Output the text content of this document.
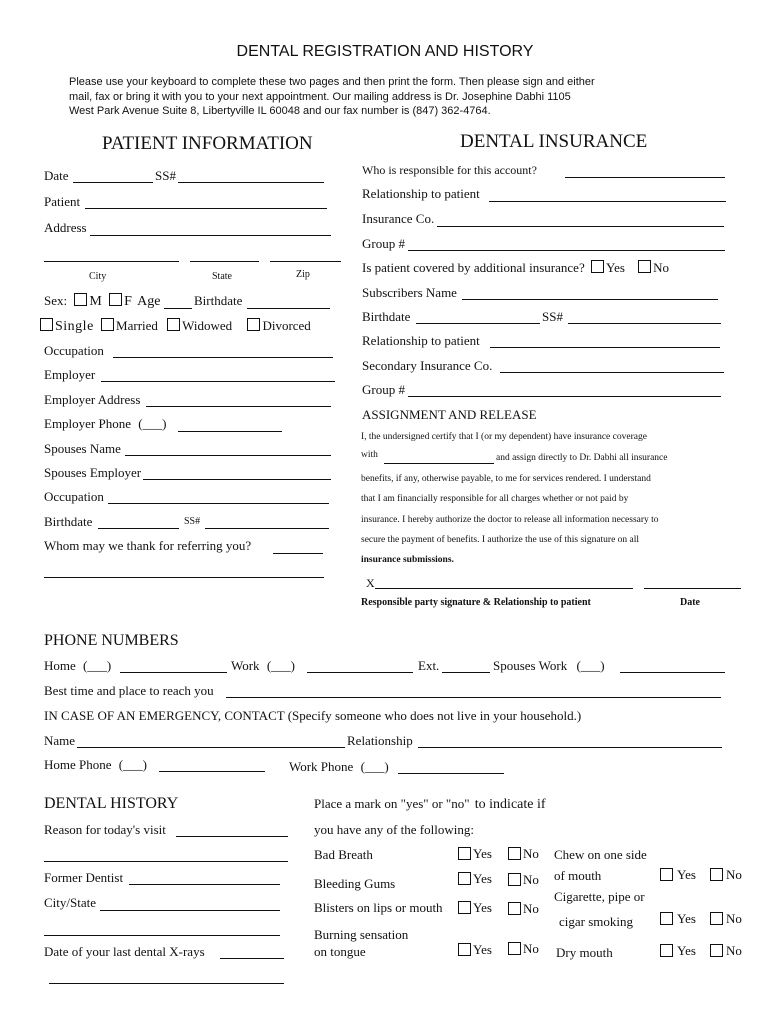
DENTAL REGISTRATION AND HISTORY
Please use your keyboard to complete these two pages and then print the form. Then please sign and either
mail, fax or bring it with you to your next appointment. Our mailing address is Dr. Josephine Dabhi 1105
West Park Avenue Suite 8, Libertyville IL 60048 and our fax number is (847) 362-4764.
PATIENT INFORMATION
Date	SS#
Patient
Address
City	State	Zip
Sex: M F Age	Birthdate
Single Married Widowed Divorced
Occupation
Employer
Employer Address
Employer Phone (___)
Spouses Name
Spouses Employer
Occupation
Birthdate	SS#
Whom may we thank for referring you?
DENTAL INSURANCE
Who is responsible for this account?
Relationship to patient
Insurance Co.
Group #
Is patient covered by additional insurance? Yes No
Subscribers Name
Birthdate	SS#
Relationship to patient
Secondary Insurance Co.
Group #
ASSIGNMENT AND RELEASE
I, the undersigned certify that I (or my dependent) have insurance coverage
with	and assign directly to Dr. Dabhi all insurance
benefits, if any, otherwise payable, to me for services rendered. I understand
that I am financially responsible for all charges whether or not paid by
insurance. I hereby authorize the doctor to release all information necessary to
secure the payment of benefits. I authorize the use of this signature on all
insurance submissions.
X
Responsible party signature & Relationship to patient	Date
PHONE NUMBERS
Home (___)	Work (___)	Ext.	Spouses Work (___)
Best time and place to reach you
IN CASE OF AN EMERGENCY, CONTACT (Specify someone who does not live in your household.)
Name	Relationship
Home Phone (___)	Work Phone (___)
DENTAL HISTORY
Reason for today's visit
Former Dentist
City/State
Date of your last dental X-rays
Place a mark on "yes" or "no" to indicate if
you have any of the following:
Bad Breath	Yes No
Bleeding Gums	Yes No
Blisters on lips or mouth Yes No
Burning sensation
on tongue	Yes No
Chew on one side
of mouth	Yes No
Cigarette, pipe or
cigar smoking	Yes No
Dry mouth	Yes No
